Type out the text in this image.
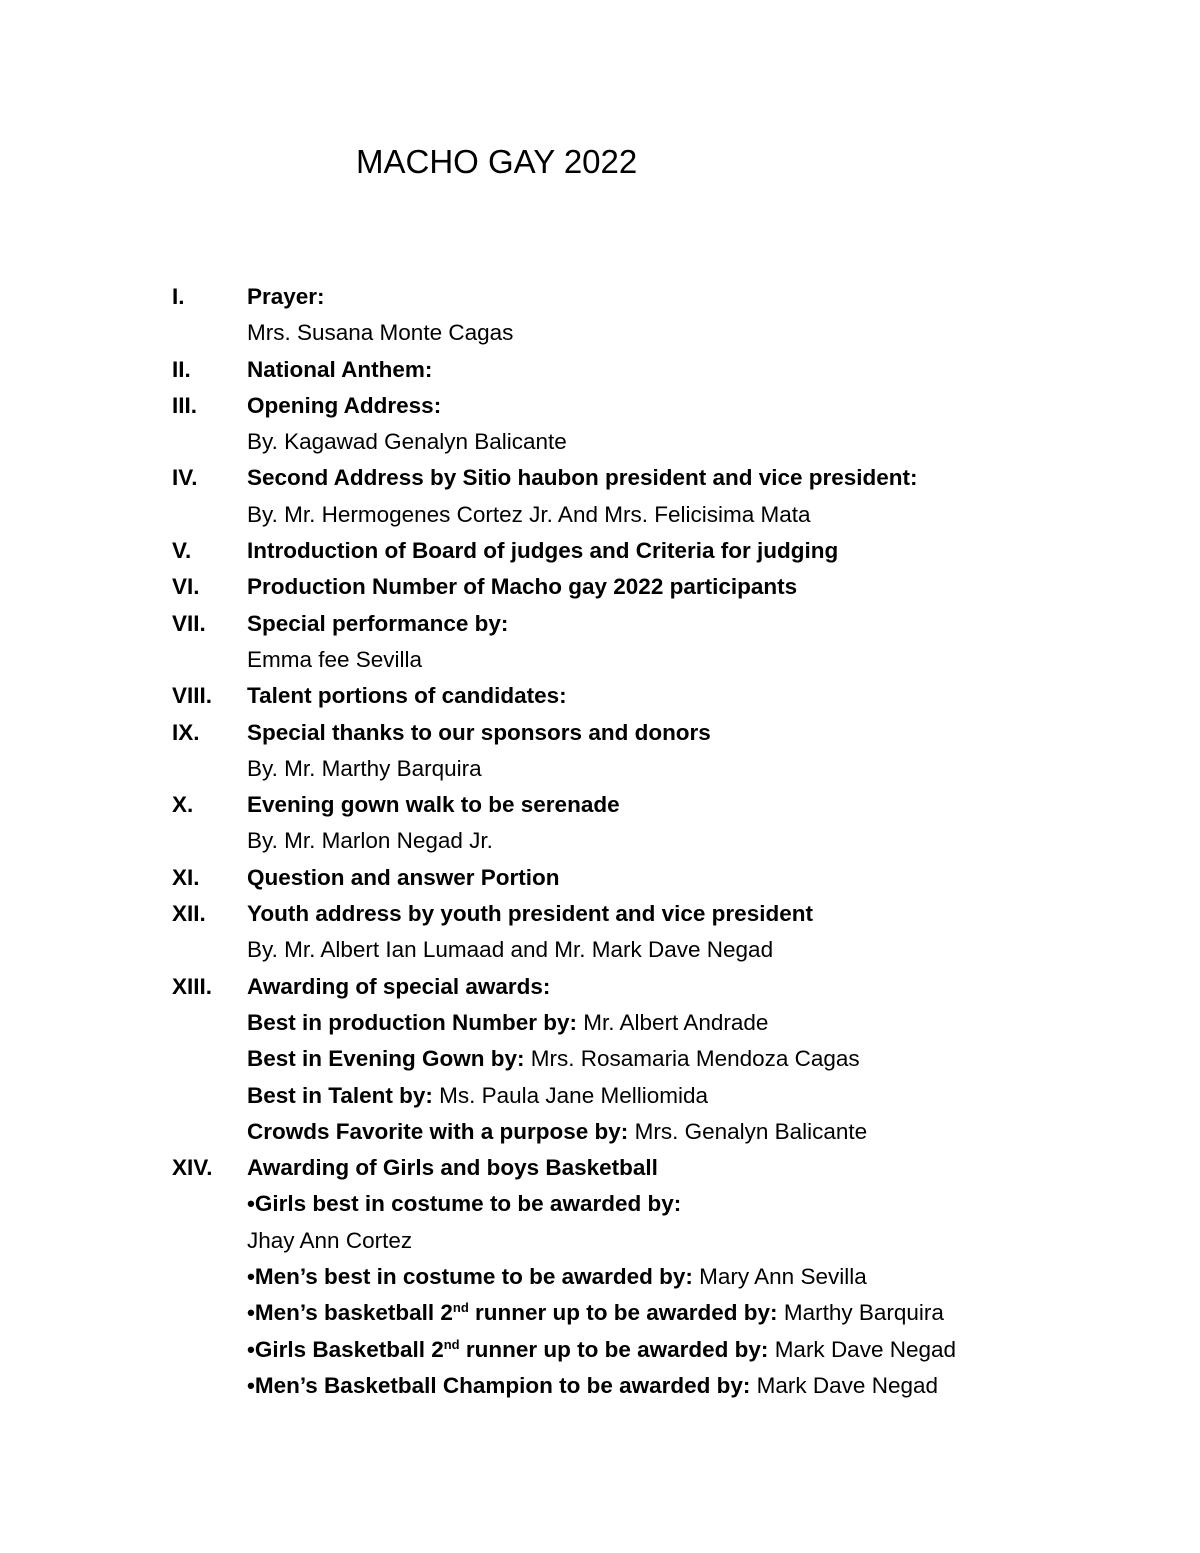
MACHO GAY 2022
I.	Prayer:
Mrs. Susana Monte Cagas
II. National Anthem:
III. Opening Address:
By. Kagawad Genalyn Balicante
IV. Second Address by Sitio haubon president and vice president:
By. Mr. Hermogenes Cortez Jr. And Mrs. Felicisima Mata
V. Introduction of Board of judges and Criteria for judging
VI. Production Number of Macho gay 2022 participants
VII. Special performance by:
Emma fee Sevilla
VIII. Talent portions of candidates:
IX. Special thanks to our sponsors and donors
By. Mr. Marthy Barquira
X. Evening gown walk to be serenade
By. Mr. Marlon Negad Jr.
XI. Question and answer Portion
XII. Youth address by youth president and vice president
By. Mr. Albert Ian Lumaad and Mr. Mark Dave Negad
XIII. Awarding of special awards:
Best in production Number by: Mr. Albert Andrade
Best in Evening Gown by: Mrs. Rosamaria Mendoza Cagas
Best in Talent by: Ms. Paula Jane Melliomida
Crowds Favorite with a purpose by: Mrs. Genalyn Balicante
XIV. Awarding of Girls and boys Basketball
•Girls best in costume to be awarded by:
Jhay Ann Cortez
•Men’s best in costume to be awarded by: Mary Ann Sevilla
•Men’s basketball 2nd runner up to be awarded by: Marthy Barquira
•Girls Basketball 2nd runner up to be awarded by: Mark Dave Negad
•Men’s Basketball Champion to be awarded by: Mark Dave Negad
